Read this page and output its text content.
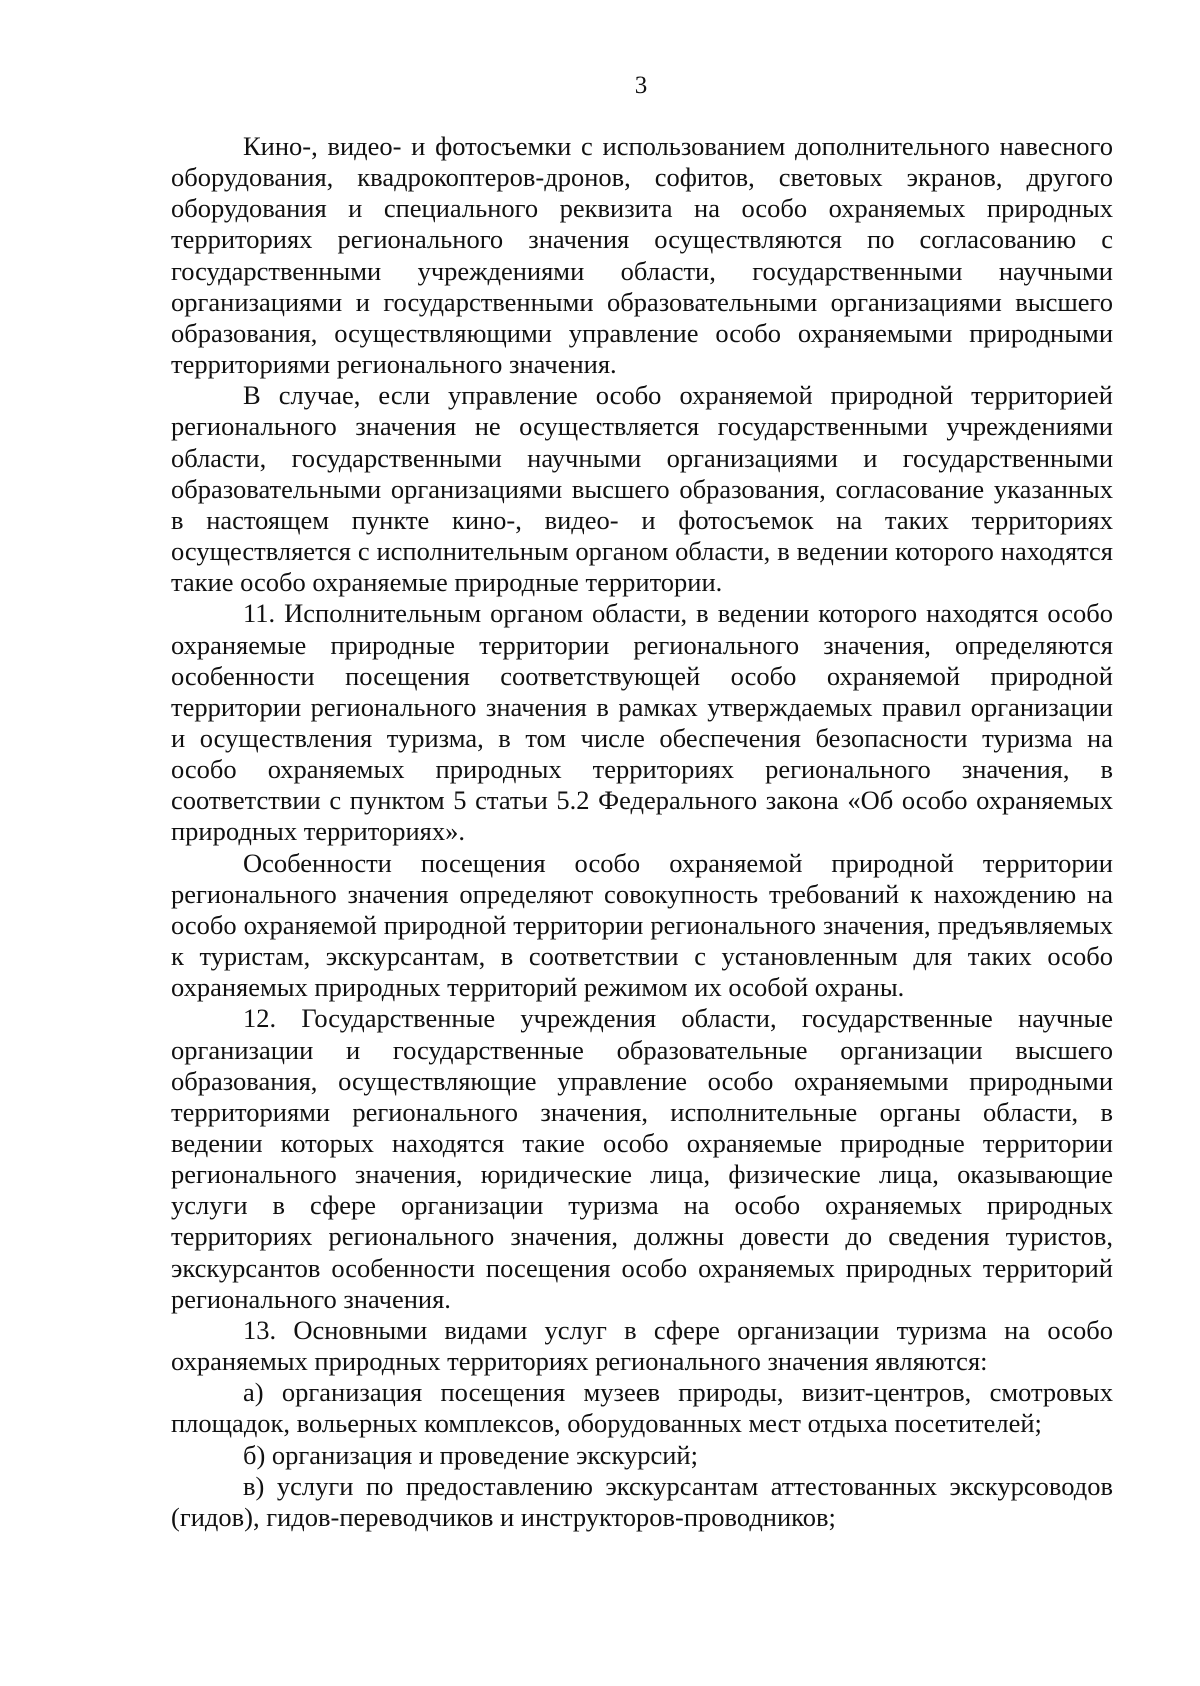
3

Кино-, видео- и фотосъемки с использованием дополнительного навесного оборудования, квадрокоптеров-дронов, софитов, световых экранов, другого оборудования и специального реквизита на особо охраняемых природных территориях регионального значения осуществляются по согласованию с государственными учреждениями области, государственными научными организациями и государственными образовательными организациями высшего образования, осуществляющими управление особо охраняемыми природными территориями регионального значения.

В случае, если управление особо охраняемой природной территорией регионального значения не осуществляется государственными учреждениями области, государственными научными организациями и государственными образовательными организациями высшего образования, согласование указанных в настоящем пункте кино-, видео- и фотосъемок на таких территориях осуществляется с исполнительным органом области, в ведении которого находятся такие особо охраняемые природные территории.

11. Исполнительным органом области, в ведении которого находятся особо охраняемые природные территории регионального значения, определяются особенности посещения соответствующей особо охраняемой природной территории регионального значения в рамках утверждаемых правил организации и осуществления туризма, в том числе обеспечения безопасности туризма на особо охраняемых природных территориях регионального значения, в соответствии с пунктом 5 статьи 5.2 Федерального закона «Об особо охраняемых природных территориях».

Особенности посещения особо охраняемой природной территории регионального значения определяют совокупность требований к нахождению на особо охраняемой природной территории регионального значения, предъявляемых к туристам, экскурсантам, в соответствии с установленным для таких особо охраняемых природных территорий режимом их особой охраны.

12. Государственные учреждения области, государственные научные организации и государственные образовательные организации высшего образования, осуществляющие управление особо охраняемыми природными территориями регионального значения, исполнительные органы области, в ведении которых находятся такие особо охраняемые природные территории регионального значения, юридические лица, физические лица, оказывающие услуги в сфере организации туризма на особо охраняемых природных территориях регионального значения, должны довести до сведения туристов, экскурсантов особенности посещения особо охраняемых природных территорий регионального значения.

13. Основными видами услуг в сфере организации туризма на особо охраняемых природных территориях регионального значения являются:

а) организация посещения музеев природы, визит-центров, смотровых площадок, вольерных комплексов, оборудованных мест отдыха посетителей;

б) организация и проведение экскурсий;

в) услуги по предоставлению экскурсантам аттестованных экскурсоводов (гидов), гидов-переводчиков и инструкторов-проводников;
